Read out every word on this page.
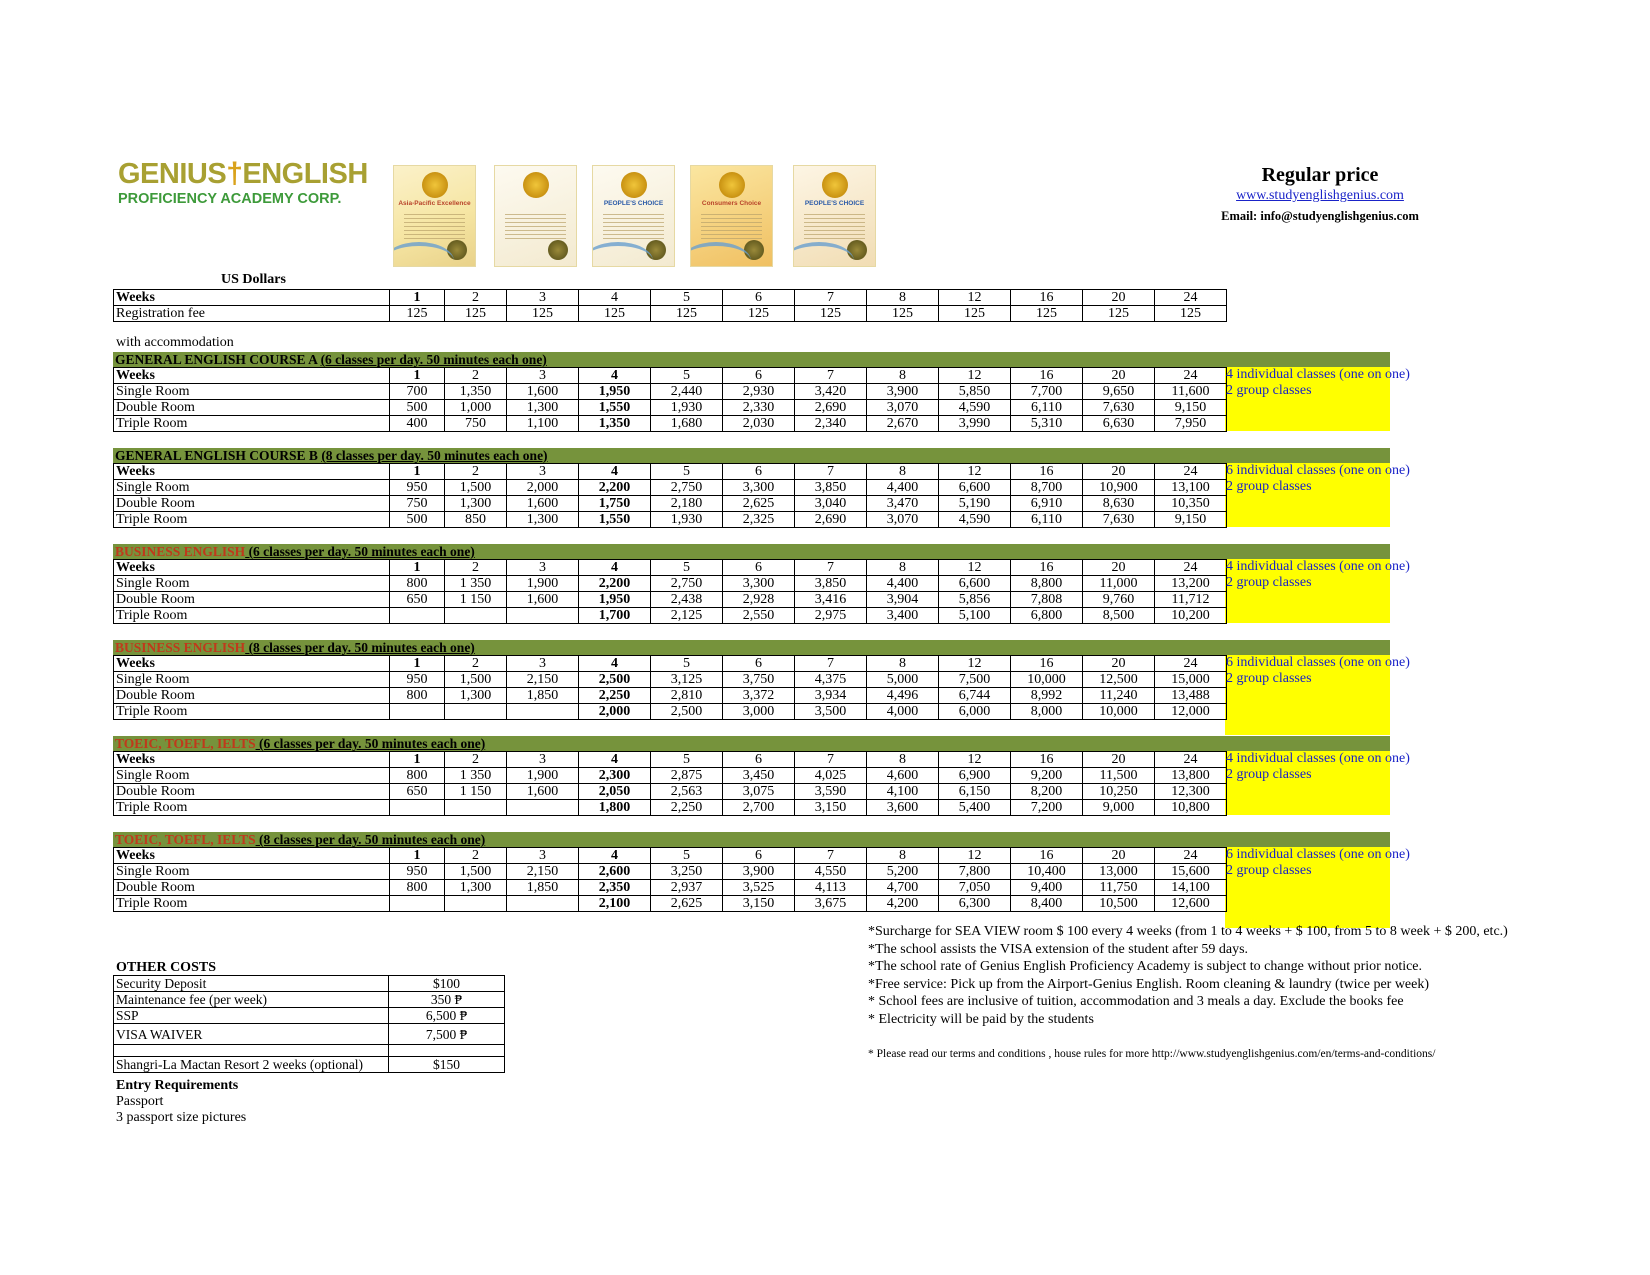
GENIUS†ENGLISH
PROFICIENCY ACADEMY CORP.	Asia-Pacific Excellence	PEOPLE'S CHOICE	Consumers Choice	PEOPLE'S CHOICE
Regular price
www.studyenglishgenius.com
Email: info@studyenglishgenius.com
US Dollars
Weeks	1	2	3	4	5	6	7	8	12	16	20	24
Registration fee	125	125	125	125	125	125	125	125	125	125	125	125
GENERAL ENGLISH COURSE A (6 classes per day. 50 minutes each one)
Weeks	1	2	3	4	5	6	7	8	12	16	20	24
Single Room	700	1,350	1,600	1,950	2,440	2,930	3,420	3,900	5,850	7,700	9,650	11,600
Double Room	500	1,000	1,300	1,550	1,930	2,330	2,690	3,070	4,590	6,110	7,630	9,150
Triple Room	400	750	1,100	1,350	1,680	2,030	2,340	2,670	3,990	5,310	6,630	7,950
4 individual classes (one on one)
2 group classes
GENERAL ENGLISH COURSE B (8 classes per day. 50 minutes each one)
Weeks	1	2	3	4	5	6	7	8	12	16	20	24
Single Room	950	1,500	2,000	2,200	2,750	3,300	3,850	4,400	6,600	8,700	10,900	13,100
Double Room	750	1,300	1,600	1,750	2,180	2,625	3,040	3,470	5,190	6,910	8,630	10,350
Triple Room	500	850	1,300	1,550	1,930	2,325	2,690	3,070	4,590	6,110	7,630	9,150
6 individual classes (one on one)
2 group classes
BUSINESS ENGLISH (6 classes per day. 50 minutes each one)
Weeks	1	2	3	4	5	6	7	8	12	16	20	24
Single Room	800	1 350	1,900	2,200	2,750	3,300	3,850	4,400	6,600	8,800	11,000	13,200
Double Room	650	1 150	1,600	1,950	2,438	2,928	3,416	3,904	5,856	7,808	9,760	11,712
Triple Room				1,700	2,125	2,550	2,975	3,400	5,100	6,800	8,500	10,200
4 individual classes (one on one)
2 group classes
BUSINESS ENGLISH (8 classes per day. 50 minutes each one)
Weeks	1	2	3	4	5	6	7	8	12	16	20	24
Single Room	950	1,500	2,150	2,500	3,125	3,750	4,375	5,000	7,500	10,000	12,500	15,000
Double Room	800	1,300	1,850	2,250	2,810	3,372	3,934	4,496	6,744	8,992	11,240	13,488
Triple Room				2,000	2,500	3,000	3,500	4,000	6,000	8,000	10,000	12,000
6 individual classes (one on one)
2 group classes
TOEIC, TOEFL, IELTS (6 classes per day. 50 minutes each one)
Weeks	1	2	3	4	5	6	7	8	12	16	20	24
Single Room	800	1 350	1,900	2,300	2,875	3,450	4,025	4,600	6,900	9,200	11,500	13,800
Double Room	650	1 150	1,600	2,050	2,563	3,075	3,590	4,100	6,150	8,200	10,250	12,300
Triple Room				1,800	2,250	2,700	3,150	3,600	5,400	7,200	9,000	10,800
4 individual classes (one on one)
2 group classes
TOEIC, TOEFL, IELTS (8 classes per day. 50 minutes each one)
Weeks	1	2	3	4	5	6	7	8	12	16	20	24
Single Room	950	1,500	2,150	2,600	3,250	3,900	4,550	5,200	7,800	10,400	13,000	15,600
Double Room	800	1,300	1,850	2,350	2,937	3,525	4,113	4,700	7,050	9,400	11,750	14,100
Triple Room				2,100	2,625	3,150	3,675	4,200	6,300	8,400	10,500	12,600
6 individual classes (one on one)
2 group classes
with accommodation
OTHER COSTS
Security Deposit	$100
Maintenance fee (per week)	350 ₱
SSP	6,500 ₱
VISA WAIVER	7,500 ₱

Shangri-La Mactan Resort 2 weeks (optional)	$150
Entry Requirements
Passport
3 passport size pictures
*Surcharge for SEA VIEW room $ 100 every 4 weeks (from 1 to 4 weeks + $ 100, from 5 to 8 week + $ 200, etc.)
*The school assists the VISA extension of the student after 59 days.
*The school rate of Genius English Proficiency Academy is subject to change without prior notice.
*Free service: Pick up from the Airport-Genius English. Room cleaning & laundry (twice per week)
* School fees are inclusive of tuition, accommodation and 3 meals a day. Exclude the books fee
* Electricity will be paid by the students
* Please read our terms and conditions , house rules for more http://www.studyenglishgenius.com/en/terms-and-conditions/
